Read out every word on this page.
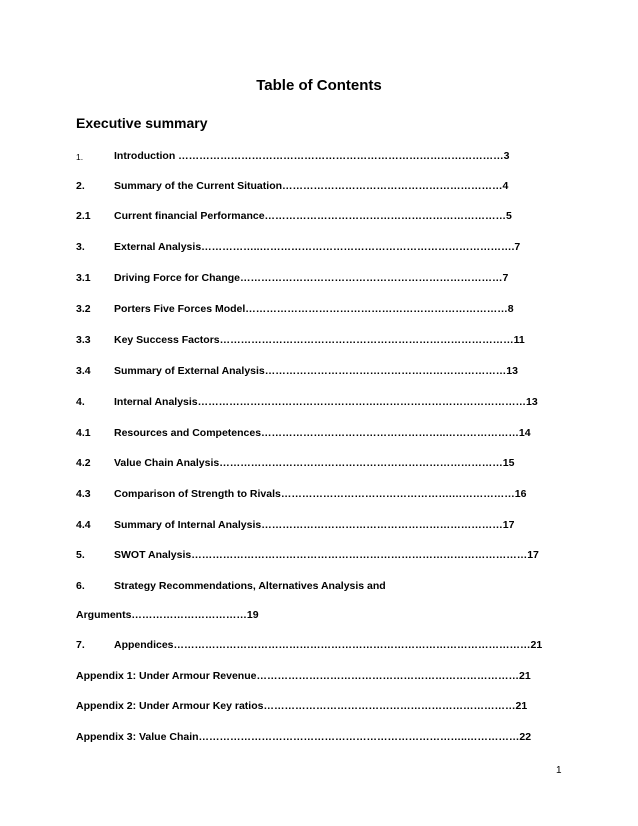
Table of Contents
Executive summary
1.	Introduction …………………………………………………………………………………3
2.	Summary of the Current Situation………………………………………………………4
2.1 Current financial Performance……………………………………………………………5
3.	External Analysis……………..……………………………………………………………….7
3.1 Driving Force for Change…………………………………………………………………7
3.2 Porters Five Forces Model…………………………………………………………………8
3.3 Key Success Factors…………………………………………………………………………11
3.4 Summary of External Analysis……………………………………………………………13
4.	Internal Analysis…………………………………………….……………………………………13
4.1 Resources and Competences……………………………………………..…………………14
4.2 Value Chain Analysis………………………………………………………………………15
4.3 Comparison of Strength to Rivals………………………………………….………………16
4.4 Summary of Internal Analysis……………………………………………………………17
5.	SWOT Analysis……………………………………………………………………………………17
6.	Strategy Recommendations, Alternatives Analysis and
Arguments……………………………19
7.	Appendices…………………………………………………………………………………………21
Appendix 1: Under Armour Revenue…………………………………………………………………21
Appendix 2: Under Armour Key ratios………………………………………………………………21
Appendix 3: Value Chain…………………………………………………………………..……………22
1
